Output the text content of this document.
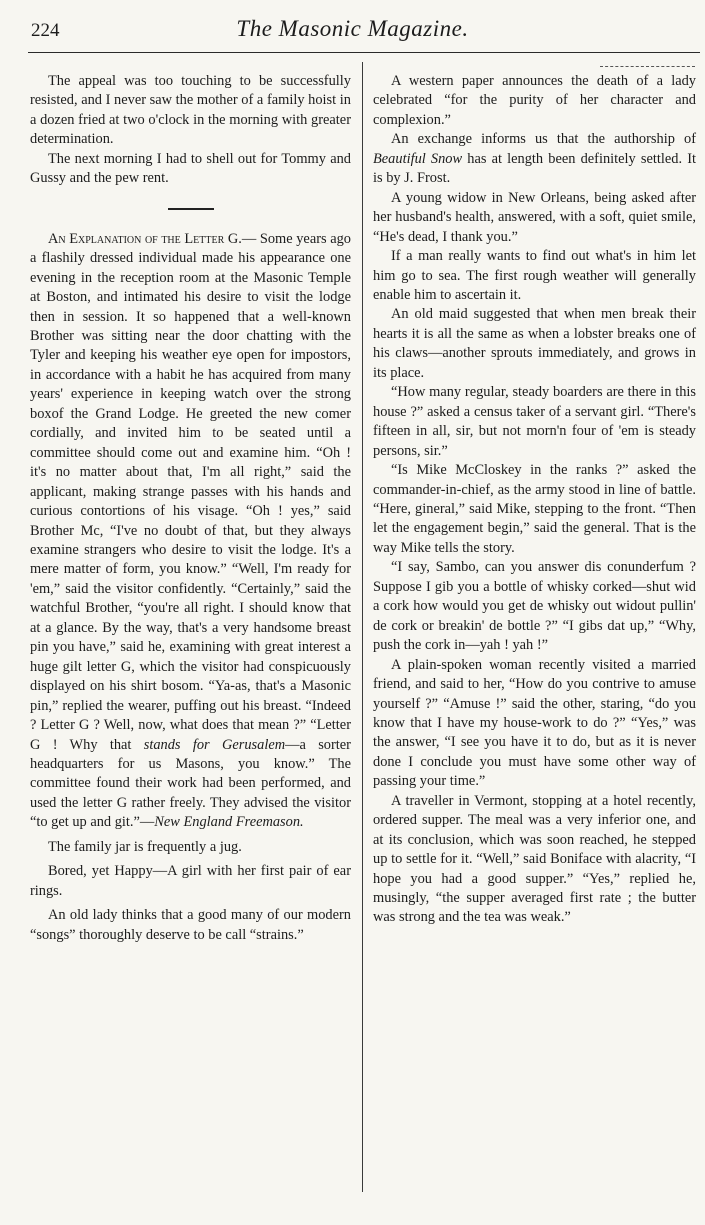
224	The Masonic Magazine.

The appeal was too touching to be successfully resisted, and I never saw the mother of a family hoist in a dozen fried at two o'clock in the morning with greater determination.

The next morning I had to shell out for Tommy and Gussy and the pew rent.

An Explanation of the Letter G.— Some years ago a flashily dressed individual made his appearance one evening in the reception room at the Masonic Temple at Boston, and intimated his desire to visit the lodge then in session. It so happened that a well-known Brother was sitting near the door chatting with the Tyler and keeping his weather eye open for impostors, in accordance with a habit he has acquired from many years' experience in keeping watch over the strong boxof the Grand Lodge. He greeted the new comer cordially, and invited him to be seated until a committee should come out and examine him. “Oh ! it's no matter about that, I'm all right,” said the applicant, making strange passes with his hands and curious contortions of his visage. “Oh ! yes,” said Brother Mc, “I've no doubt of that, but they always examine strangers who desire to visit the lodge. It's a mere matter of form, you know.” “Well, I'm ready for 'em,” said the visitor confidently. “Certainly,” said the watchful Brother, “you're all right. I should know that at a glance. By the way, that's a very handsome breast pin you have,” said he, examining with great interest a huge gilt letter G, which the visitor had conspicuously displayed on his shirt bosom. “Ya-as, that's a Masonic pin,” replied the wearer, puffing out his breast. “Indeed ? Letter G ? Well, now, what does that mean ?” “Letter G ! Why that stands for Gerusalem—a sorter headquarters for us Masons, you know.” The committee found their work had been performed, and used the letter G rather freely. They advised the visitor “to get up and git.”—New England Freemason.

The family jar is frequently a jug.

Bored, yet Happy—A girl with her first pair of ear rings.

An old lady thinks that a good many of our modern “songs” thoroughly deserve to be call “strains.”

A western paper announces the death of a lady celebrated “for the purity of her character and complexion.”

An exchange informs us that the authorship of Beautiful Snow has at length been definitely settled. It is by J. Frost.

A young widow in New Orleans, being asked after her husband's health, answered, with a soft, quiet smile, “He's dead, I thank you.”

If a man really wants to find out what's in him let him go to sea. The first rough weather will generally enable him to ascertain it.

An old maid suggested that when men break their hearts it is all the same as when a lobster breaks one of his claws—another sprouts immediately, and grows in its place.

“How many regular, steady boarders are there in this house ?” asked a census taker of a servant girl. “There's fifteen in all, sir, but not morn'n four of 'em is steady persons, sir.”

“Is Mike McCloskey in the ranks ?” asked the commander-in-chief, as the army stood in line of battle. “Here, gineral,” said Mike, stepping to the front. “Then let the engagement begin,” said the general. That is the way Mike tells the story.

“I say, Sambo, can you answer dis conunderfum ? Suppose I gib you a bottle of whisky corked—shut wid a cork how would you get de whisky out widout pullin' de cork or breakin' de bottle ?” “I gibs dat up,” “Why, push the cork in—yah ! yah !”

A plain-spoken woman recently visited a married friend, and said to her, “How do you contrive to amuse yourself ?” “Amuse !” said the other, staring, “do you know that I have my house-work to do ?” “Yes,” was the answer, “I see you have it to do, but as it is never done I conclude you must have some other way of passing your time.”

A traveller in Vermont, stopping at a hotel recently, ordered supper. The meal was a very inferior one, and at its conclusion, which was soon reached, he stepped up to settle for it. “Well,” said Boniface with alacrity, “I hope you had a good supper.” “Yes,” replied he, musingly, “the supper averaged first rate ; the butter was strong and the tea was weak.”
